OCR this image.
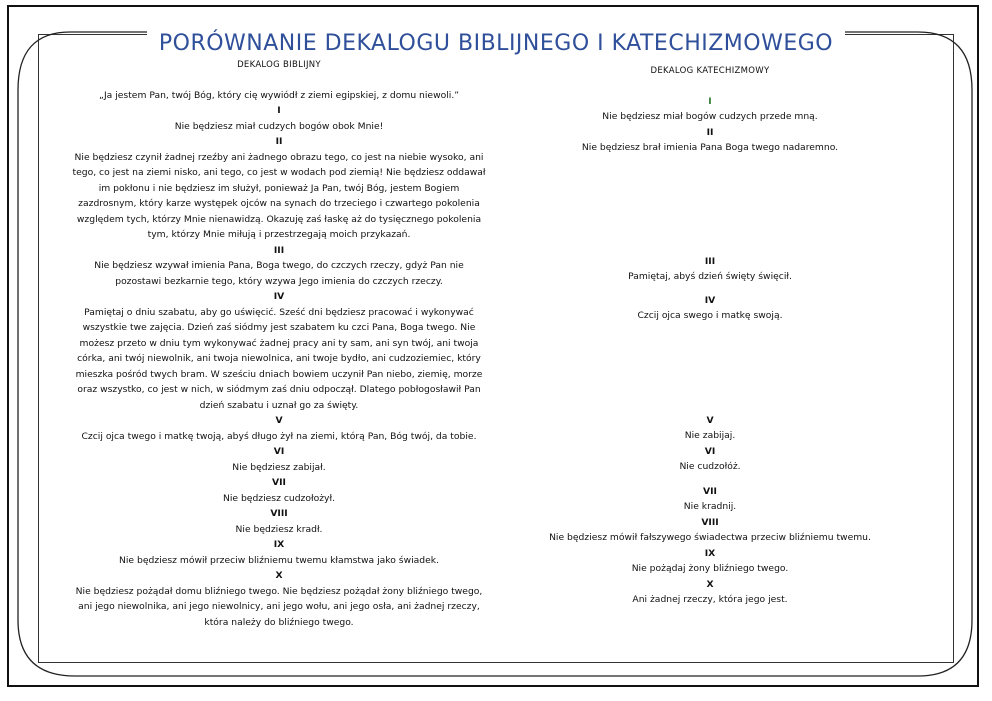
PORÓWNANIE DEKALOGU BIBLIJNEGO I KATECHIZMOWEGO
DEKALOG BIBLIJNY

„Ja jestem Pan, twój Bóg, który cię wywiódł z ziemi egipskiej, z domu niewoli.”

I

Nie będziesz miał cudzych bogów obok Mnie!

II

Nie będziesz czynił żadnej rzeźby ani żadnego obrazu tego, co jest na niebie wysoko, ani tego, co jest na ziemi nisko, ani tego, co jest w wodach pod ziemią! Nie będziesz oddawał im pokłonu i nie będziesz im służył, ponieważ Ja Pan, twój Bóg, jestem Bogiem zazdrosnym, który karze występek ojców na synach do trzeciego i czwartego pokolenia względem tych, którzy Mnie nienawidzą. Okazuję zaś łaskę aż do tysięcznego pokolenia tym, którzy Mnie miłują i przestrzegają moich przykazań.

III

Nie będziesz wzywał imienia Pana, Boga twego, do czczych rzeczy, gdyż Pan nie pozostawi bezkarnie tego, który wzywa Jego imienia do czczych rzeczy.

IV

Pamiętaj o dniu szabatu, aby go uświęcić. Sześć dni będziesz pracować i wykonywać wszystkie twe zajęcia. Dzień zaś siódmy jest szabatem ku czci Pana, Boga twego. Nie możesz przeto w dniu tym wykonywać żadnej pracy ani ty sam, ani syn twój, ani twoja córka, ani twój niewolnik, ani twoja niewolnica, ani twoje bydło, ani cudzoziemiec, który mieszka pośród twych bram. W sześciu dniach bowiem uczynił Pan niebo, ziemię, morze oraz wszystko, co jest w nich, w siódmym zaś dniu odpoczął. Dlatego pobłogosławił Pan dzień szabatu i uznał go za święty.

V

Czcij ojca twego i matkę twoją, abyś długo żył na ziemi, którą Pan, Bóg twój, da tobie.

VI

Nie będziesz zabijał.

VII

Nie będziesz cudzołożył.

VIII

Nie będziesz kradł.

IX

Nie będziesz mówił przeciw bliźniemu twemu kłamstwa jako świadek.

X

Nie będziesz pożądał domu bliźniego twego. Nie będziesz pożądał żony bliźniego twego, ani jego niewolnika, ani jego niewolnicy, ani jego wołu, ani jego osła, ani żadnej rzeczy, która należy do bliźniego twego.

DEKALOG KATECHIZMOWY
I

Nie będziesz miał bogów cudzych przede mną.

II

Nie będziesz brał imienia Pana Boga twego nadaremno.

III

Pamiętaj, abyś dzień święty święcił.

IV

Czcij ojca swego i matkę swoją.

V

Nie zabijaj.

VI

Nie cudzołóż.

VII

Nie kradnij.

VIII

Nie będziesz mówił fałszywego świadectwa przeciw bliźniemu twemu.

IX

Nie pożądaj żony bliźniego twego.

X

Ani żadnej rzeczy, która jego jest.
